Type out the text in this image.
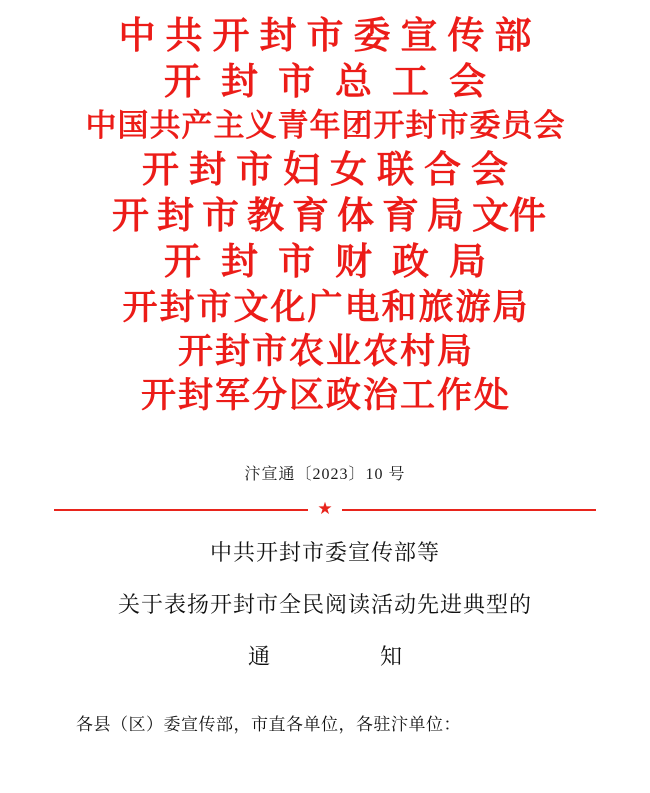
中共开封市委宣传部
开封市总工会
中国共产主义青年团开封市委员会
开封市妇女联合会
开封市教育体育局文件
开封市财政局
开封市文化广电和旅游局
开封市农业农村局
开封军分区政治工作处
汴宣通〔2023〕10 号
★
中共开封市委宣传部等
关于表扬开封市全民阅读活动先进典型的
通　　知
各县（区）委宣传部，市直各单位，各驻汴单位：
